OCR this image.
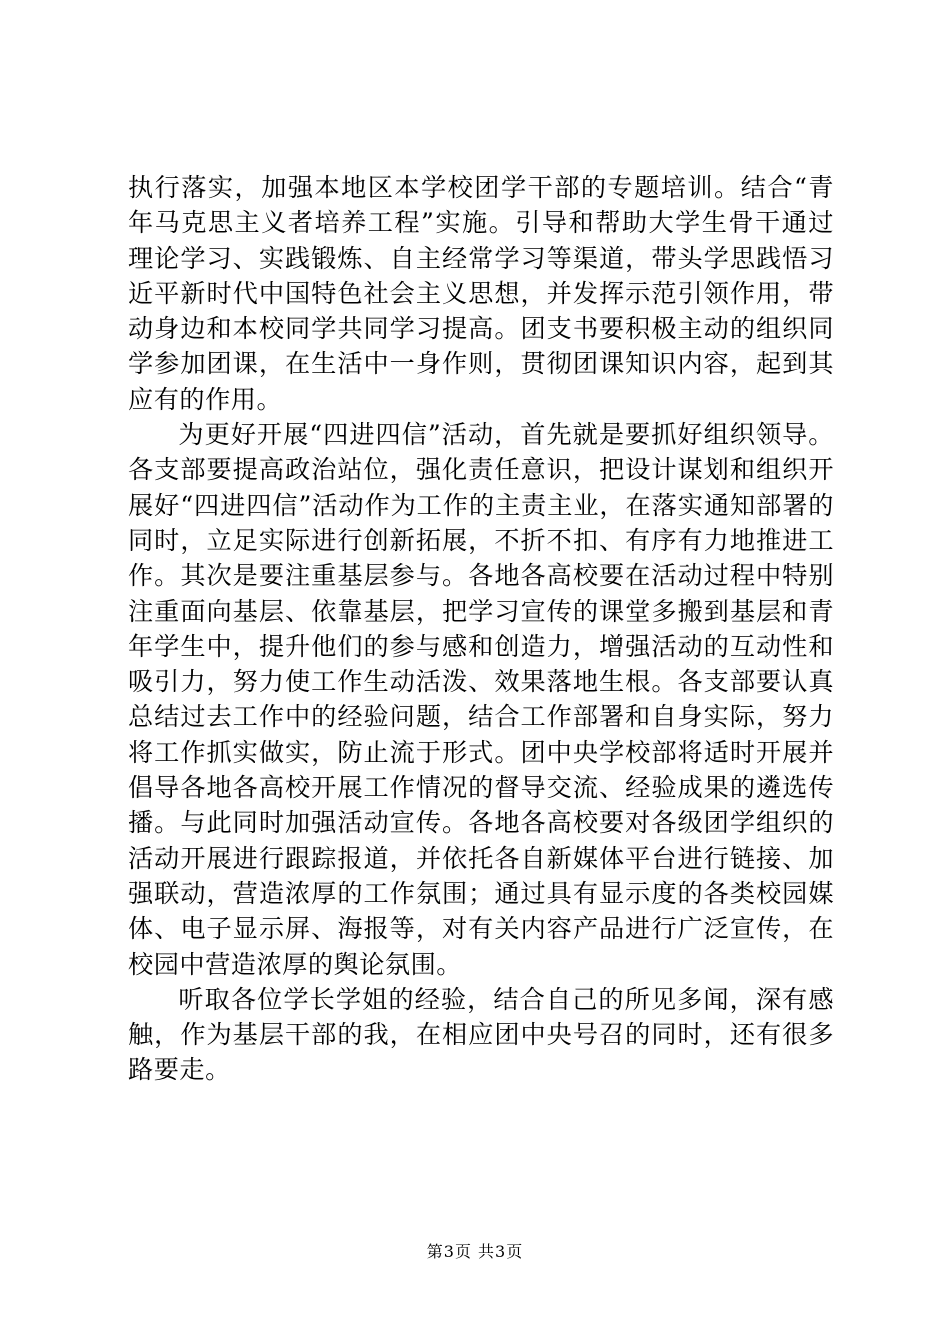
执行落实，加强本地区本学校团学干部的专题培训。结合“青年马克思主义者培养工程”实施。引导和帮助大学生骨干通过理论学习、实践锻炼、自主经常学习等渠道，带头学思践悟习近平新时代中国特色社会主义思想，并发挥示范引领作用，带动身边和本校同学共同学习提高。团支书要积极主动的组织同学参加团课，在生活中一身作则，贯彻团课知识内容，起到其应有的作用。

为更好开展“四进四信”活动，首先就是要抓好组织领导。各支部要提高政治站位，强化责任意识，把设计谋划和组织开展好“四进四信”活动作为工作的主责主业，在落实通知部署的同时，立足实际进行创新拓展，不折不扣、有序有力地推进工作。其次是要注重基层参与。各地各高校要在活动过程中特别注重面向基层、依靠基层，把学习宣传的课堂多搬到基层和青年学生中，提升他们的参与感和创造力，增强活动的互动性和吸引力，努力使工作生动活泼、效果落地生根。各支部要认真总结过去工作中的经验问题，结合工作部署和自身实际，努力将工作抓实做实，防止流于形式。团中央学校部将适时开展并倡导各地各高校开展工作情况的督导交流、经验成果的遴选传播。与此同时加强活动宣传。各地各高校要对各级团学组织的活动开展进行跟踪报道，并依托各自新媒体平台进行链接、加强联动，营造浓厚的工作氛围；通过具有显示度的各类校园媒体、电子显示屏、海报等，对有关内容产品进行广泛宣传，在校园中营造浓厚的舆论氛围。

听取各位学长学姐的经验，结合自己的所见多闻，深有感触，作为基层干部的我，在相应团中央号召的同时，还有很多路要走。

第3页 共3页
